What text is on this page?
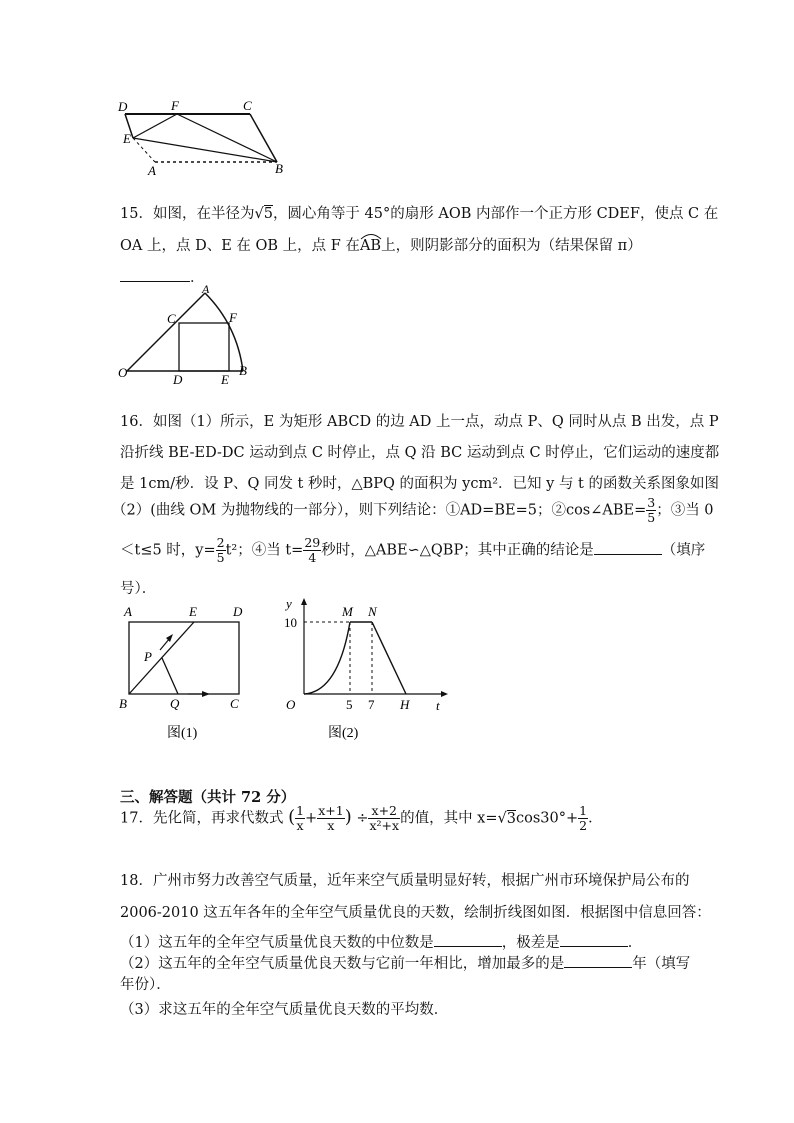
D	F	C
E
A	B
15．如图，在半径为√5，圆心角等于 45°的扇形 AOB 内部作一个正方形 CDEF，使点 C 在
OA 上，点 D、E 在 OB 上，点 F 在AB
上，则阴影部分的面积为（结果保留 π）
．
A
C	F
O	D	E
B
16．如图（1）所示，E 为矩形 ABCD 的边 AD 上一点，动点 P、Q 同时从点 B 出发，点 P
沿折线 BE-ED-DC 运动到点 C 时停止，点 Q 沿 BC 运动到点 C 时停止，它们运动的速度都
是 1cm/秒．设 P、Q 同发 t 秒时，△BPQ 的面积为 ycm²．已知 y 与 t 的函数关系图象如图
（2）(曲线 OM 为抛物线的一部分），则下列结论：①AD=BE=5；②cos∠ABE= $\frac{3}{5}$ ；③当 0
＜t≤5 时，$y= \frac{2}{5} t^2$；④当 $t= \frac{29}{4}$ 秒时，△ABE∽△QBP；其中正确的结论是	（填序
号）．
A	E	D
P
B	Q	C
图(1)
y
M N
10
O	5 7 H t
图(2)
三、解答题（共计 72 分）
17．先化简，再求代数式 ( $\frac{1}{x} + \frac{x+1}{x}$ ) ÷ $\frac{x+2}{\text{x²+x}}$ 的值，其中 $x=√3\cos 30^\circ+ \frac{1}{2}$ ．
18．广州市努力改善空气质量，近年来空气质量明显好转，根据广州市环境保护局公布的
2006-2010 这五年各年的全年空气质量优良的天数，绘制折线图如图．根据图中信息回答：
（1）这五年的全年空气质量优良天数的中位数是	，极差是	．
（2）这五年的全年空气质量优良天数与它前一年相比，增加最多的是	年（填写
年份）．
（3）求这五年的全年空气质量优良天数的平均数．
